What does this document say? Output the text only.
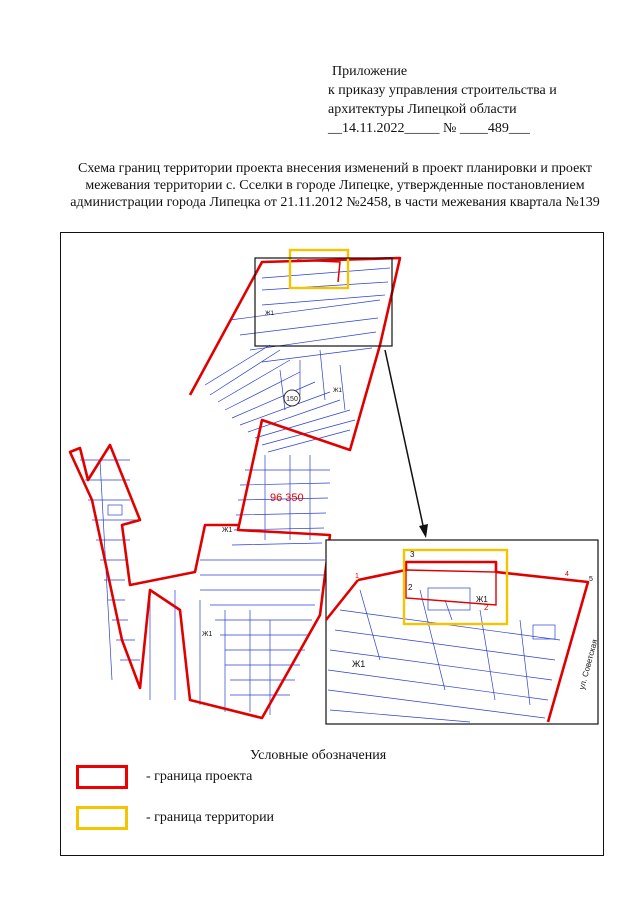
Приложение
к приказу управления строительства и
архитектуры Липецкой области
__14.11.2022_____ № ____489___
Схема границ территории проекта внесения изменений в проект планировки и проект межевания территории с. Сселки в городе Липецке, утвержденные постановлением администрации города Липецка от 21.11.2012 №2458, в части межевания квартала №139
150
96 350
Ж1
Ж1
Ж1
Ж1
1
2
3
4
5
2
Ж1
Ж1
ул. Советская
Условные обозначения
- граница проекта
- граница территории
